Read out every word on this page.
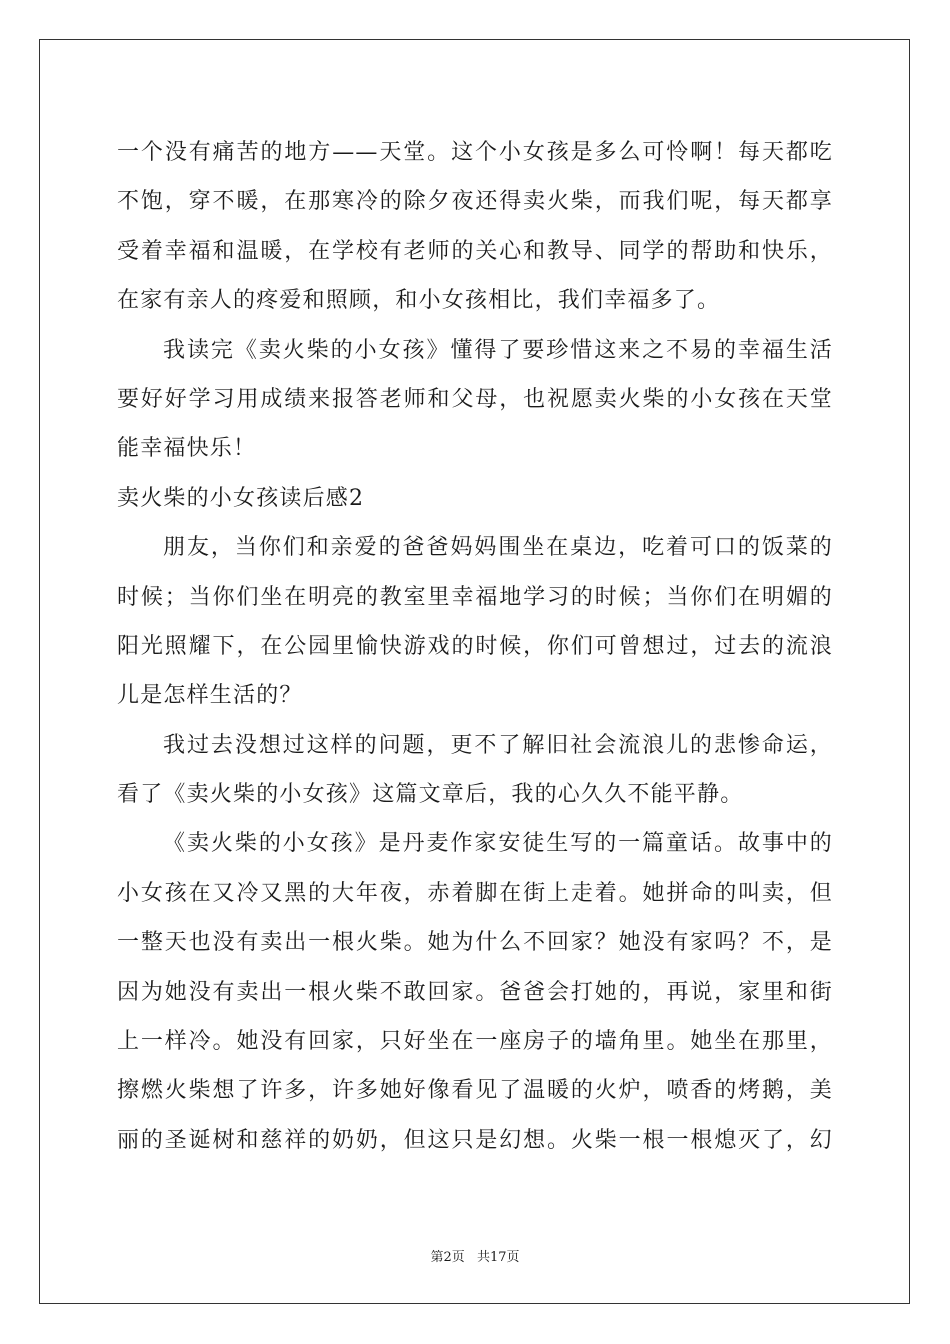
一个没有痛苦的地方——天堂。这个小女孩是多么可怜啊！每天都吃
不饱，穿不暖，在那寒冷的除夕夜还得卖火柴，而我们呢，每天都享
受着幸福和温暖，在学校有老师的关心和教导、同学的帮助和快乐，
在家有亲人的疼爱和照顾，和小女孩相比，我们幸福多了。
我读完《卖火柴的小女孩》懂得了要珍惜这来之不易的幸福生活
要好好学习用成绩来报答老师和父母，也祝愿卖火柴的小女孩在天堂
能幸福快乐！
卖火柴的小女孩读后感2
朋友，当你们和亲爱的爸爸妈妈围坐在桌边，吃着可口的饭菜的
时候；当你们坐在明亮的教室里幸福地学习的时候；当你们在明媚的
阳光照耀下，在公园里愉快游戏的时候，你们可曾想过，过去的流浪
儿是怎样生活的？
我过去没想过这样的问题，更不了解旧社会流浪儿的悲惨命运，
看了《卖火柴的小女孩》这篇文章后，我的心久久不能平静。
《卖火柴的小女孩》是丹麦作家安徒生写的一篇童话。故事中的
小女孩在又冷又黑的大年夜，赤着脚在街上走着。她拼命的叫卖，但
一整天也没有卖出一根火柴。她为什么不回家？她没有家吗？不，是
因为她没有卖出一根火柴不敢回家。爸爸会打她的，再说，家里和街
上一样冷。她没有回家，只好坐在一座房子的墙角里。她坐在那里，
擦燃火柴想了许多，许多她好像看见了温暖的火炉，喷香的烤鹅，美
丽的圣诞树和慈祥的奶奶，但这只是幻想。火柴一根一根熄灭了，幻
第2页 共17页
